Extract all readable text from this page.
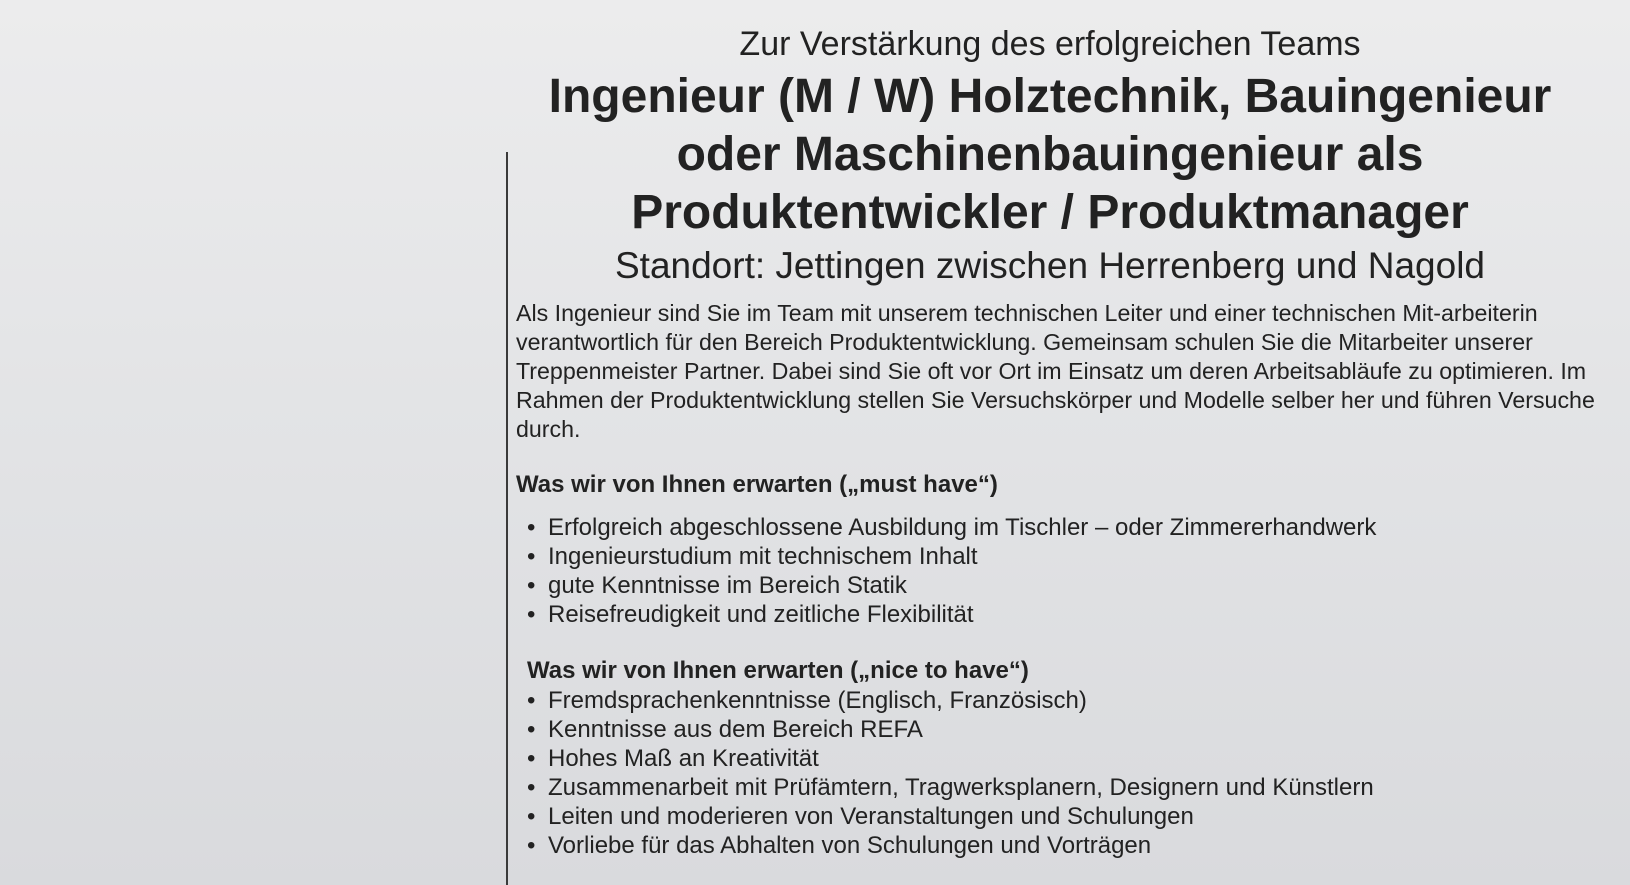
Zur Verstärkung des erfolgreichen Teams
Ingenieur (M / W) Holztechnik, Bauingenieur
oder Maschinenbauingenieur als
Produktentwickler / Produktmanager
Standort: Jettingen zwischen Herrenberg und Nagold

Als Ingenieur sind Sie im Team mit unserem technischen Leiter und einer technischen Mit-arbeiterin verantwortlich für den Bereich Produktentwicklung. Gemeinsam schulen Sie die Mitarbeiter unserer Treppenmeister Partner. Dabei sind Sie oft vor Ort im Einsatz um deren Arbeitsabläufe zu optimieren. Im Rahmen der Produktentwicklung stellen Sie Versuchskörper und Modelle selber her und führen Versuche durch.

Was wir von Ihnen erwarten („must have“)
• Erfolgreich abgeschlossene Ausbildung im Tischler – oder Zimmererhandwerk
• Ingenieurstudium mit technischem Inhalt
• gute Kenntnisse im Bereich Statik
• Reisefreudigkeit und zeitliche Flexibilität
Was wir von Ihnen erwarten („nice to have“)
• Fremdsprachenkenntnisse (Englisch, Französisch)
• Kenntnisse aus dem Bereich REFA
• Hohes Maß an Kreativität
• Zusammenarbeit mit Prüfämtern, Tragwerksplanern, Designern und Künstlern
• Leiten und moderieren von Veranstaltungen und Schulungen
• Vorliebe für das Abhalten von Schulungen und Vorträgen
